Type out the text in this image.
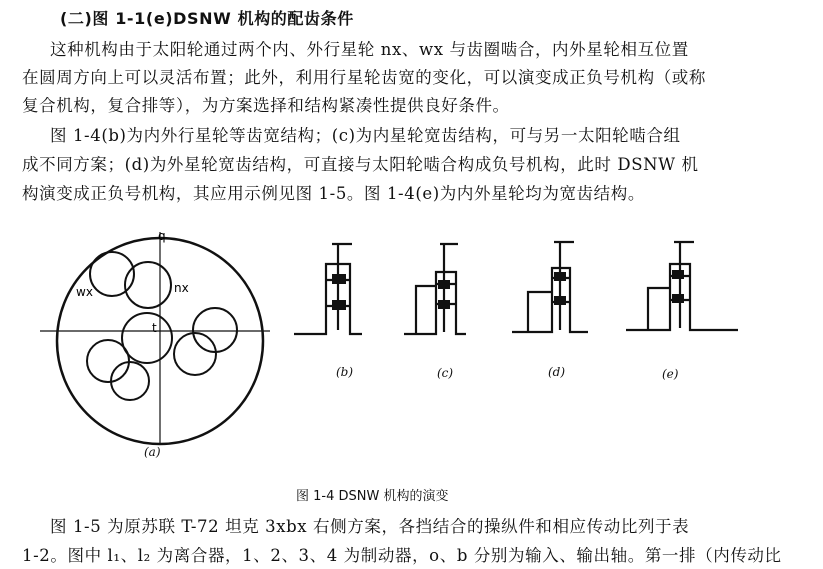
(二)图 1-1(e)DSNW 机构的配齿条件
这种机构由于太阳轮通过两个内、外行星轮 nx、wx 与齿圈啮合，内外星轮相互位置
在圆周方向上可以灵活布置；此外，利用行星轮齿宽的变化，可以演变成正负号机构（或称
复合机构，复合排等），为方案选择和结构紧凑性提供良好条件。
图 1-4(b)为内外行星轮等齿宽结构；(c)为内星轮宽齿结构，可与另一太阳轮啮合组
成不同方案；(d)为外星轮宽齿结构，可直接与太阳轮啮合构成负号机构，此时 DSNW 机
构演变成正负号机构，其应用示例见图 1-5。图 1-4(e)为内外星轮均为宽齿结构。
q
nx
wx
t
(a)
(b)	(c)	(d)	(e)
图 1-4 DSNW 机构的演变
图 1-5 为原苏联 T-72 坦克 3xbx 右侧方案，各挡结合的操纵件和相应传动比列于表
1-2。图中 l₁、l₂ 为离合器，1、2、3、4 为制动器，o、b 分别为输入、输出轴。第一排（内传动比
